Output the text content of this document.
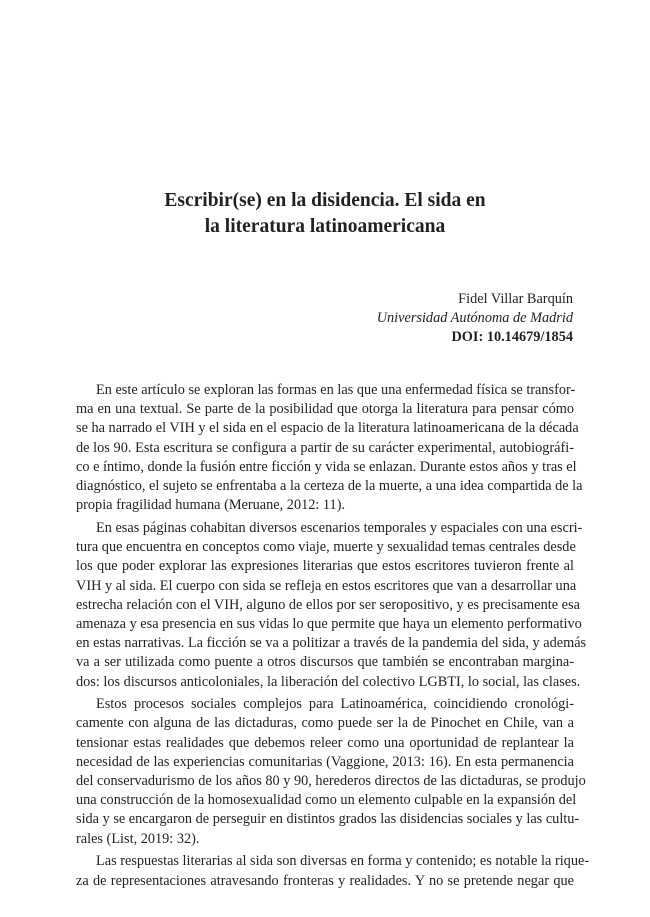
Escribir(se) en la disidencia. El sida en
la literatura latinoamericana
Fidel Villar Barquín
Universidad Autónoma de Madrid
DOI: 10.14679/1854

En este artículo se exploran las formas en las que una enfermedad física se transfor-
ma en una textual. Se parte de la posibilidad que otorga la literatura para pensar cómo
se ha narrado el VIH y el sida en el espacio de la literatura latinoamericana de la década
de los 90. Esta escritura se configura a partir de su carácter experimental, autobiográfi-
co e íntimo, donde la fusión entre ficción y vida se enlazan. Durante estos años y tras el
diagnóstico, el sujeto se enfrentaba a la certeza de la muerte, a una idea compartida de la
propia fragilidad humana (Meruane, 2012: 11).

En esas páginas cohabitan diversos escenarios temporales y espaciales con una escri-
tura que encuentra en conceptos como viaje, muerte y sexualidad temas centrales desde
los que poder explorar las expresiones literarias que estos escritores tuvieron frente al
VIH y al sida. El cuerpo con sida se refleja en estos escritores que van a desarrollar una
estrecha relación con el VIH, alguno de ellos por ser seropositivo, y es precisamente esa
amenaza y esa presencia en sus vidas lo que permite que haya un elemento performativo
en estas narrativas. La ficción se va a politizar a través de la pandemia del sida, y además
va a ser utilizada como puente a otros discursos que también se encontraban margina-
dos: los discursos anticoloniales, la liberación del colectivo LGBTI, lo social, las clases.

Estos procesos sociales complejos para Latinoamérica, coincidiendo cronológi-
camente con alguna de las dictaduras, como puede ser la de Pinochet en Chile, van a
tensionar estas realidades que debemos releer como una oportunidad de replantear la
necesidad de las experiencias comunitarias (Vaggione, 2013: 16). En esta permanencia
del conservadurismo de los años 80 y 90, herederos directos de las dictaduras, se produjo
una construcción de la homosexualidad como un elemento culpable en la expansión del
sida y se encargaron de perseguir en distintos grados las disidencias sociales y las cultu-
rales (List, 2019: 32).

Las respuestas literarias al sida son diversas en forma y contenido; es notable la rique-
za de representaciones atravesando fronteras y realidades. Y no se pretende negar que
